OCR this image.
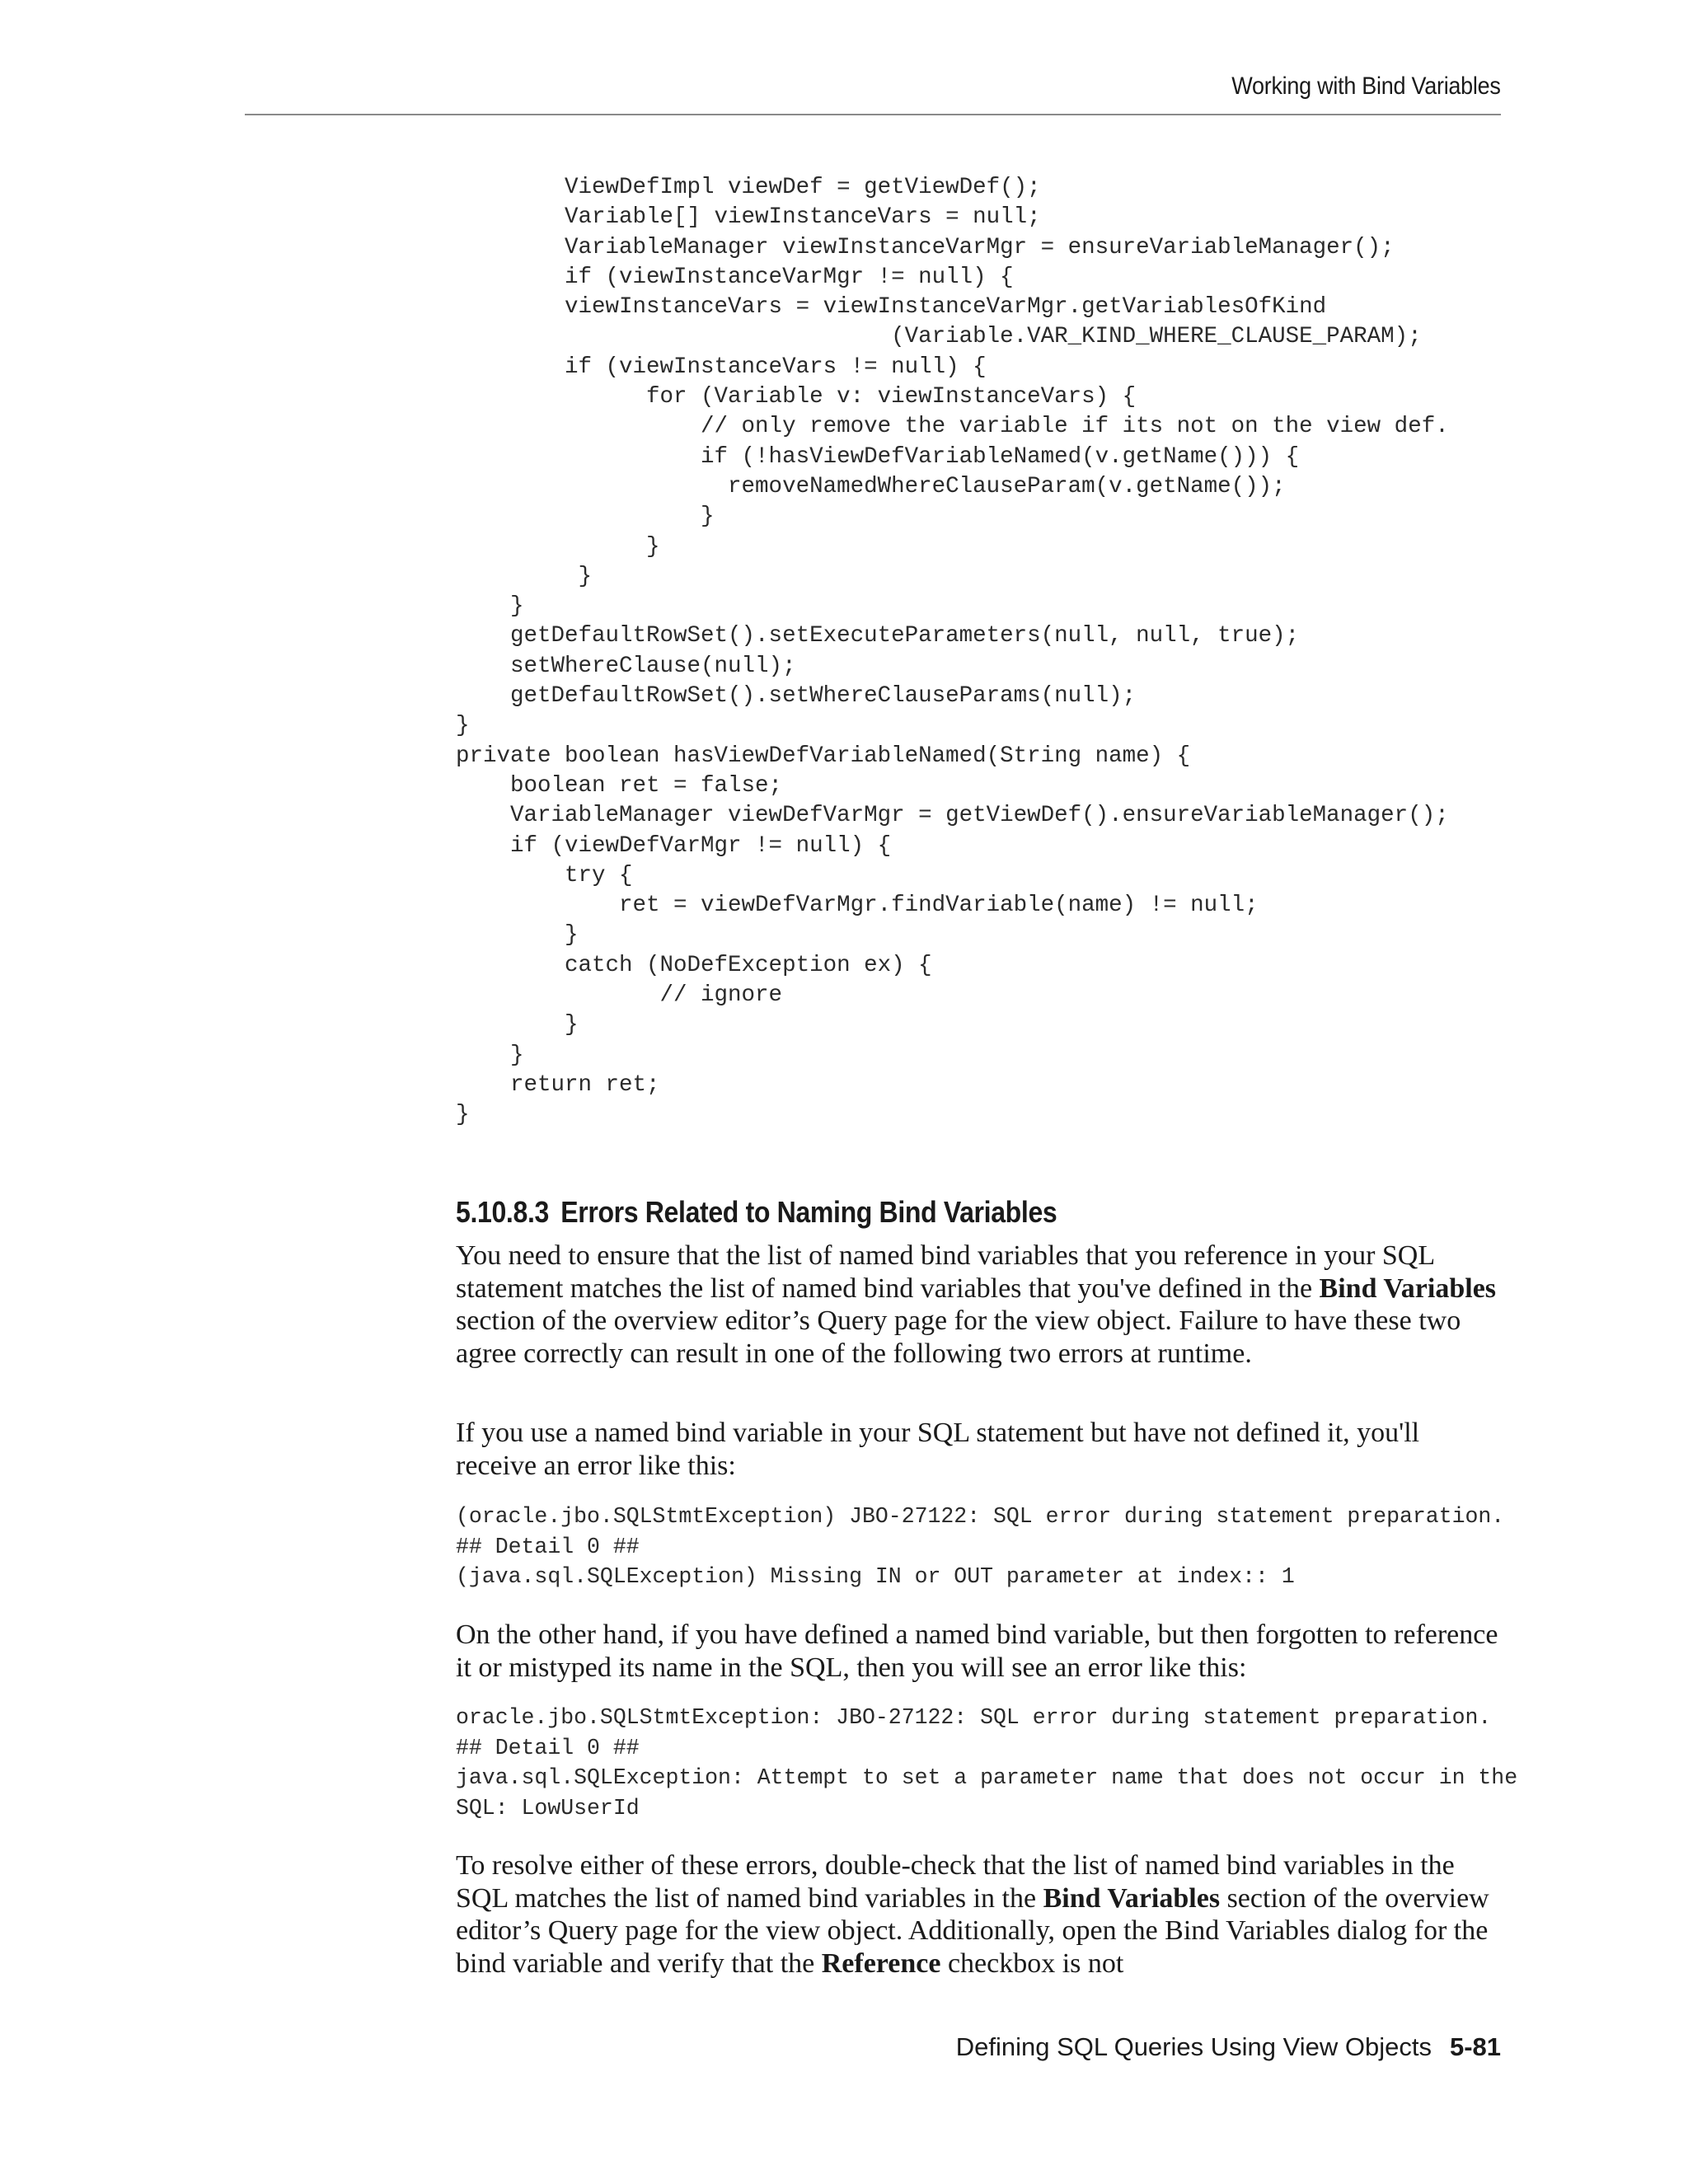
Working with Bind Variables
ViewDefImpl viewDef = getViewDef();
Variable[] viewInstanceVars = null;
VariableManager viewInstanceVarMgr = ensureVariableManager();
if (viewInstanceVarMgr != null) {
viewInstanceVars = viewInstanceVarMgr.getVariablesOfKind
(Variable.VAR_KIND_WHERE_CLAUSE_PARAM);
if (viewInstanceVars != null) {
for (Variable v: viewInstanceVars) {
// only remove the variable if its not on the view def.
if (!hasViewDefVariableNamed(v.getName())) {
removeNamedWhereClauseParam(v.getName());
}
}
}
}
getDefaultRowSet().setExecuteParameters(null, null, true);
setWhereClause(null);
getDefaultRowSet().setWhereClauseParams(null);
}
private boolean hasViewDefVariableNamed(String name) {
boolean ret = false;
VariableManager viewDefVarMgr = getViewDef().ensureVariableManager();
if (viewDefVarMgr != null) {
try {
ret = viewDefVarMgr.findVariable(name) != null;
}
catch (NoDefException ex) {
// ignore
}
}
return ret;
}
5.10.8.3 Errors Related to Naming Bind Variables

You need to ensure that the list of named bind variables that you reference in your SQL statement matches the list of named bind variables that you've defined in the Bind Variables section of the overview editor’s Query page for the view object. Failure to have these two agree correctly can result in one of the following two errors at runtime.

If you use a named bind variable in your SQL statement but have not defined it, you'll receive an error like this:

(oracle.jbo.SQLStmtException) JBO-27122: SQL error during statement preparation.
## Detail 0 ##
(java.sql.SQLException) Missing IN or OUT parameter at index:: 1

On the other hand, if you have defined a named bind variable, but then forgotten to reference it or mistyped its name in the SQL, then you will see an error like this:

oracle.jbo.SQLStmtException: JBO-27122: SQL error during statement preparation.
## Detail 0 ##
java.sql.SQLException: Attempt to set a parameter name that does not occur in the
SQL: LowUserId

To resolve either of these errors, double-check that the list of named bind variables in the SQL matches the list of named bind variables in the Bind Variables section of the overview editor’s Query page for the view object. Additionally, open the Bind Variables dialog for the bind variable and verify that the Reference checkbox is not

Defining SQL Queries Using View Objects 5-81
